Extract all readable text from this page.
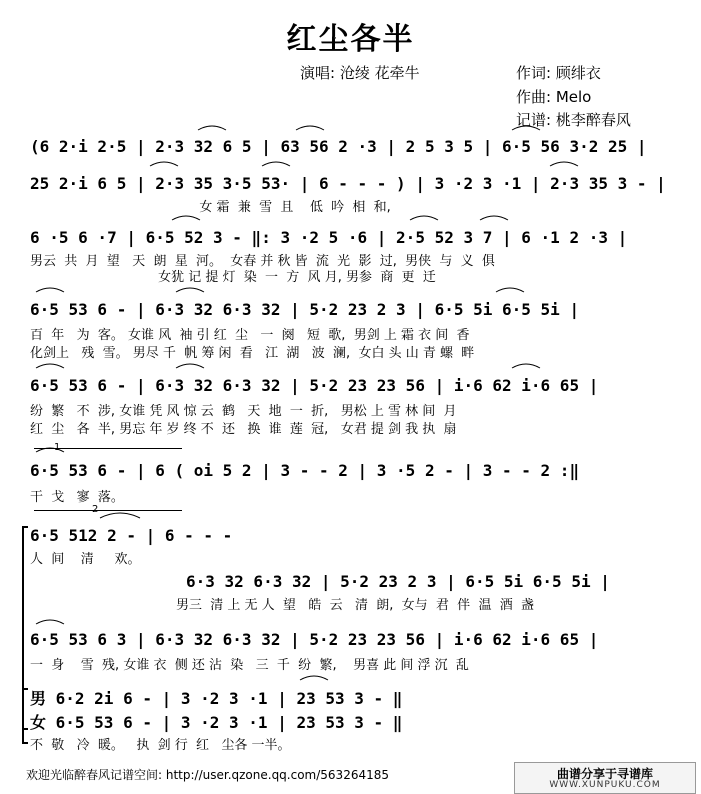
红尘各半
演唱: 沧绫 花牵牛	作词: 顾绯衣
作曲: Melo
记谱: 桃李醉春风
(6 2·i 2·5 | 2·3 32 6 5 | 63 56 2 ·3 | 2 5 3 5 | 6·5 56 3·2 25 |
25 2·i 6 5 | 2·3 35 3·5 53· | 6 - - - ) | 3 ·2 3 ·1 | 2·3 35 3 - |
女 霜  兼  雪  且    低  吟  相  和,
6 ·5 6 ·7 | 6·5 52 3 - ‖: 3 ·2 5 ·6 | 2·5 52 3 7 | 6 ·1 2 ·3 |
男云  共  月  望   天  朗  星  河。  女春 并 秋 皆  流  光  影  过,  男侠  与  义  俱
女犹 记 提 灯  染  一  方  风 月, 男参  商  更  迁
6·5 53 6 - | 6·3 32 6·3 32 | 5·2 23 2 3 | 6·5 5i 6·5 5i |
百  年   为  客。 女谁 风  袖 引 红  尘   一  阕   短  歌,  男剑 上 霜 衣 间  香
化剑上   残  雪。 男尽 千  帆 筹 闲  看   江  湖   波  澜,  女白 头 山 青 螺  畔
6·5 53 6 - | 6·3 32 6·3 32 | 5·2 23 23 56 | i·6 62 i·6 65 |
纷  繁   不  涉, 女谁 凭 风 惊 云  鹤   天  地  一  折,   男松 上 雪 林 间  月
红  尘   各  半, 男忘 年 岁 终 不  还   换  谁  莲  冠,   女君 提 剑 我 执  扇
1
6·5 53 6 - | 6 ( oi 5 2 | 3 - - 2 | 3 ·5 2 - | 3 - - 2 :‖
干  戈   寥  落。
2
6·5 512 2 - | 6 - - -
人  间    清     欢。
6·3 32 6·3 32 | 5·2 23 2 3 | 6·5 5i 6·5 5i |
男三  清 上 无 人  望   皓  云   清  朗,  女与  君  伴  温  酒  盏
6·5 53 6 3 | 6·3 32 6·3 32 | 5·2 23 23 56 | i·6 62 i·6 65 |
一  身    雪  残, 女谁 衣  侧 还 沾  染   三  千  纷  繁,    男喜 此 间 浮 沉  乱
男 6·2 2i 6 - | 3 ·2 3 ·1 | 23 53 3 - ‖
女 6·5 53 6 - | 3 ·2 3 ·1 | 23 53 3 - ‖
不  敬   冷  暖。   执  剑 行  红   尘各 一半。
欢迎光临醉春风记谱空间: http://user.qzone.qq.com/563264185	曲谱分享于寻谱库
WWW.XUNPUKU.COM
